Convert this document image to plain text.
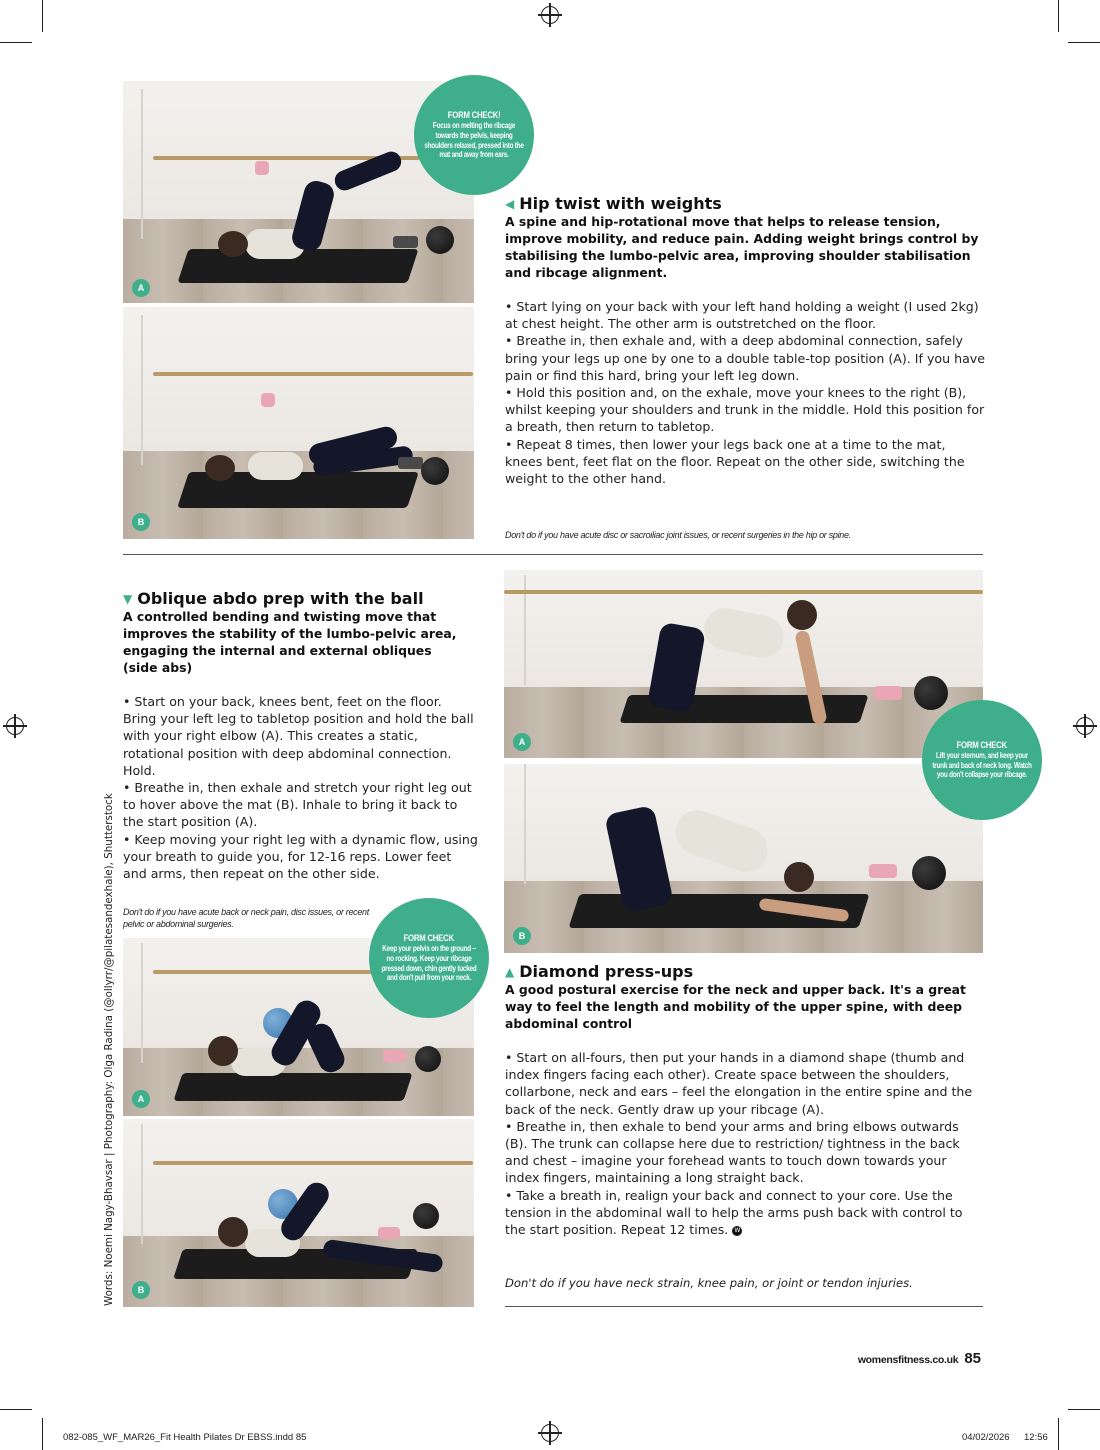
A
B
FORM CHECK!
Focus on melting the ribcage towards the pelvis, keeping shoulders relaxed, pressed into the mat and away from ears.
◀ Hip twist with weights
A spine and hip-rotational move that helps to release tension, improve mobility, and reduce pain. Adding weight brings control by stabilising the lumbo-pelvic area, improving shoulder stabilisation and ribcage alignment.

• Start lying on your back with your left hand holding a weight (I used 2kg) at chest height. The other arm is outstretched on the floor.

• Breathe in, then exhale and, with a deep abdominal connection, safely bring your legs up one by one to a double table-top position (A). If you have pain or find this hard, bring your left leg down.

• Hold this position and, on the exhale, move your knees to the right (B), whilst keeping your shoulders and trunk in the middle. Hold this position for a breath, then return to tabletop.

• Repeat 8 times, then lower your legs back one at a time to the mat, knees bent, feet flat on the floor. Repeat on the other side, switching the weight to the other hand.

Don't do if you have acute disc or sacroiliac joint issues, or recent surgeries in the hip or spine.
▼ Oblique abdo prep with the ball
A controlled bending and twisting move that improves the stability of the lumbo-pelvic area, engaging the internal and external obliques (side abs)

• Start on your back, knees bent, feet on the floor. Bring your left leg to tabletop position and hold the ball with your right elbow (A). This creates a static, rotational position with deep abdominal connection. Hold.

• Breathe in, then exhale and stretch your right leg out to hover above the mat (B). Inhale to bring it back to the start position (A).

• Keep moving your right leg with a dynamic flow, using your breath to guide you, for 12-16 reps. Lower feet and arms, then repeat on the other side.

Don't do if you have acute back or neck pain, disc issues, or recent pelvic or abdominal surgeries.
A
B
FORM CHECK
Keep your pelvis on the ground – no rocking. Keep your ribcage pressed down, chin gently tucked and don't pull from your neck.
A
B
FORM CHECK
Lift your sternum, and keep your trunk and back of neck long. Watch you don't collapse your ribcage.
▲ Diamond press-ups
A good postural exercise for the neck and upper back. It's a great way to feel the length and mobility of the upper spine, with deep abdominal control

• Start on all-fours, then put your hands in a diamond shape (thumb and index fingers facing each other). Create space between the shoulders, collarbone, neck and ears – feel the elongation in the entire spine and the back of the neck. Gently draw up your ribcage (A).

• Breathe in, then exhale to bend your arms and bring elbows outwards (B). The trunk can collapse here due to restriction/ tightness in the back and chest – imagine your forehead wants to touch down towards your index fingers, maintaining a long straight back.

• Take a breath in, realign your back and connect to your core. Use the tension in the abdominal wall to help the arms push back with control to the start position. Repeat 12 times. W

Don't do if you have neck strain, knee pain, or joint or tendon injuries.
Words: Noemi Nagy-Bhavsar | Photography: Olga Radina (@ollyrr/@pilatesandexhale), Shutterstock
womensfitness.co.uk 85
082-085_WF_MAR26_Fit Health Pilates Dr EBSS.indd 85	04/02/2026 12:56
